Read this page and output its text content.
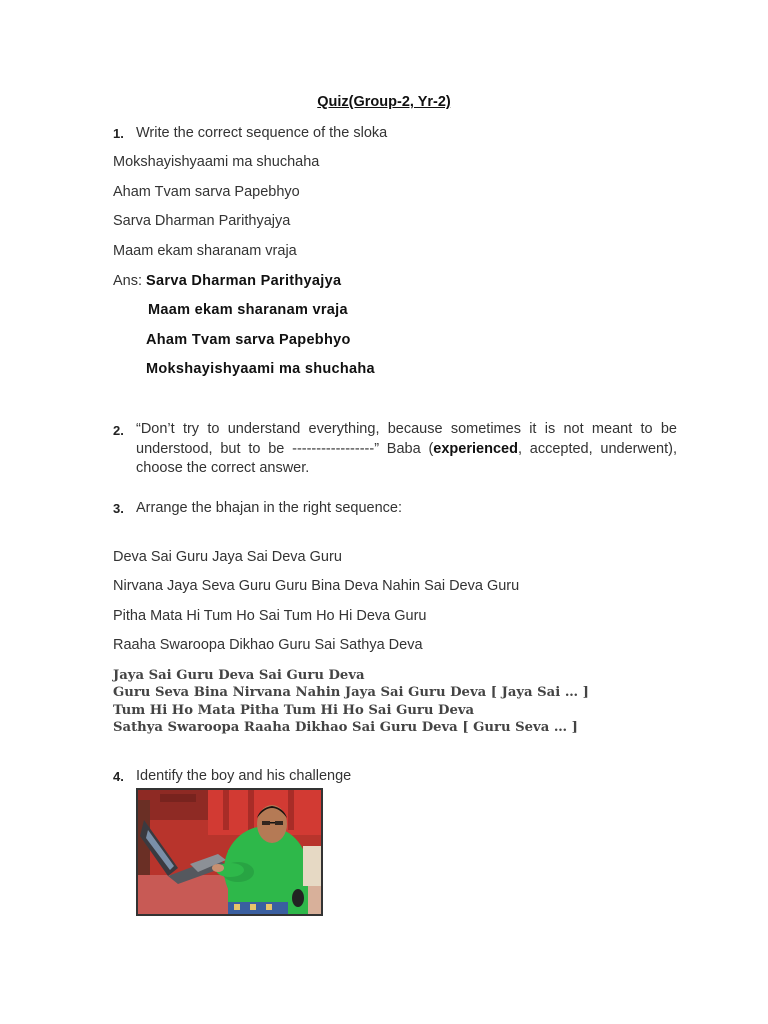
Quiz(Group-2, Yr-2)
1. Write the correct sequence of the sloka
Mokshayishyaami ma shuchaha
Aham Tvam sarva Papebhyo
Sarva Dharman Parithyajya
Maam ekam sharanam vraja
Ans: Sarva Dharman Parithyajya
Maam ekam sharanam vraja
Aham Tvam sarva Papebhyo
Mokshayishyaami ma shuchaha
2. “Don’t try to understand everything, because sometimes it is not meant to be understood, but to be -----------------” Baba (experienced, accepted, underwent), choose the correct answer.
3. Arrange the bhajan in the right sequence:
Deva Sai Guru Jaya Sai Deva Guru
Nirvana Jaya Seva Guru Guru Bina Deva Nahin Sai Deva Guru
Pitha Mata Hi Tum Ho Sai Tum Ho Hi Deva Guru
Raaha Swaroopa Dikhao Guru Sai Sathya Deva
Jaya Sai Guru Deva Sai Guru Deva
Guru Seva Bina Nirvana Nahin Jaya Sai Guru Deva [ Jaya Sai … ]
Tum Hi Ho Mata Pitha Tum Hi Ho Sai Guru Deva
Sathya Swaroopa Raaha Dikhao Sai Guru Deva [ Guru Seva … ]
4. Identify the boy and his challenge
